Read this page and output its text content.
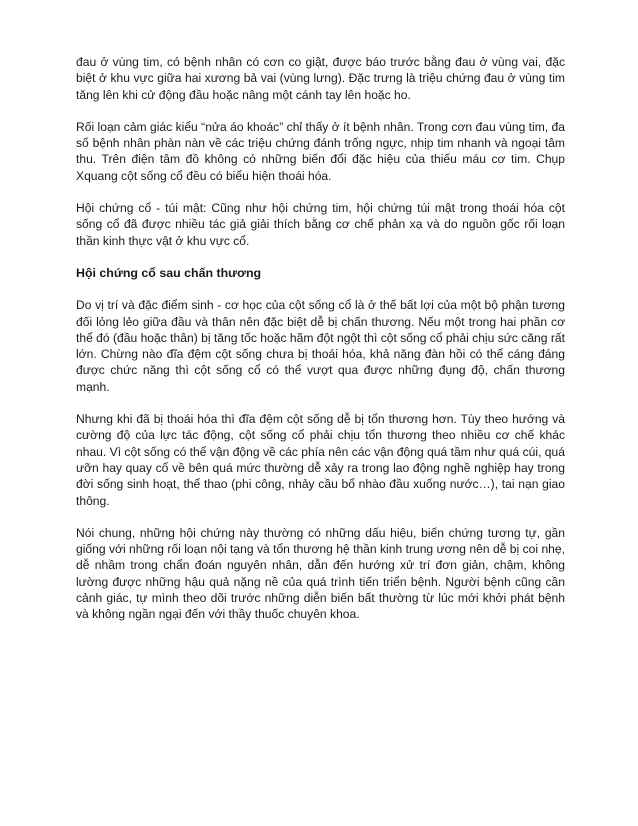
đau ở vùng tim, có bệnh nhân có cơn co giật, được báo trước bằng đau ở vùng vai, đặc biệt ở khu vực giữa hai xương bả vai (vùng lưng). Đặc trưng là triệu chứng đau ở vùng tim tăng lên khi cử động đầu hoặc nâng một cánh tay lên hoặc ho.

Rối loạn cảm giác kiểu “nửa áo khoác” chỉ thấy ở ít bệnh nhân. Trong cơn đau vùng tim, đa số bệnh nhân phàn nàn về các triệu chứng đánh trống ngực, nhịp tim nhanh và ngoại tâm thu. Trên điện tâm đồ không có những biến đổi đặc hiệu của thiếu máu cơ tim. Chụp Xquang cột sống cổ đều có biểu hiện thoái hóa.

Hội chứng cổ - túi mật: Cũng như hội chứng tim, hội chứng túi mật trong thoái hóa cột sống cổ đã được nhiều tác giả giải thích bằng cơ chế phản xạ và do nguồn gốc rối loạn thần kinh thực vật ở khu vực cổ.

Hội chứng cổ sau chấn thương

Do vị trí và đặc điểm sinh - cơ học của cột sống cổ là ở thế bất lợi của một bộ phận tương đối lỏng lẻo giữa đầu và thân nên đặc biệt dễ bị chấn thương. Nếu một trong hai phần cơ thể đó (đầu hoặc thân) bị tăng tốc hoặc hãm đột ngột thì cột sống cổ phải chịu sức căng rất lớn. Chừng nào đĩa đệm cột sống chưa bị thoái hóa, khả năng đàn hồi có thể cáng đáng được chức năng thì cột sống cổ có thể vượt qua được những đụng độ, chấn thương mạnh.

Nhưng khi đã bị thoái hóa thì đĩa đệm cột sống dễ bị tổn thương hơn. Tùy theo hướng và cường độ của lực tác động, cột sống cổ phải chịu tổn thương theo nhiều cơ chế khác nhau. Vì cột sống có thể vận động về các phía nên các vận động quá tầm như quá cúi, quá ưỡn hay quay cổ về bên quá mức thường dễ xảy ra trong lao động nghề nghiệp hay trong đời sống sinh hoạt, thể thao (phi công, nhảy cầu bổ nhào đầu xuống nước…), tai nạn giao thông.

Nói chung, những hội chứng này thường có những dấu hiệu, biến chứng tương tự, gần giống với những rối loạn nội tạng và tổn thương hệ thần kinh trung ương nên dễ bị coi nhẹ, dễ nhầm trong chẩn đoán nguyên nhân, dẫn đến hướng xử trí đơn giản, chậm, không lường được những hậu quả nặng nề của quá trình tiến triển bệnh. Người bệnh cũng cần cảnh giác, tự mình theo dõi trước những diễn biến bất thường từ lúc mới khởi phát bệnh và không ngần ngại đến với thầy thuốc chuyên khoa.
